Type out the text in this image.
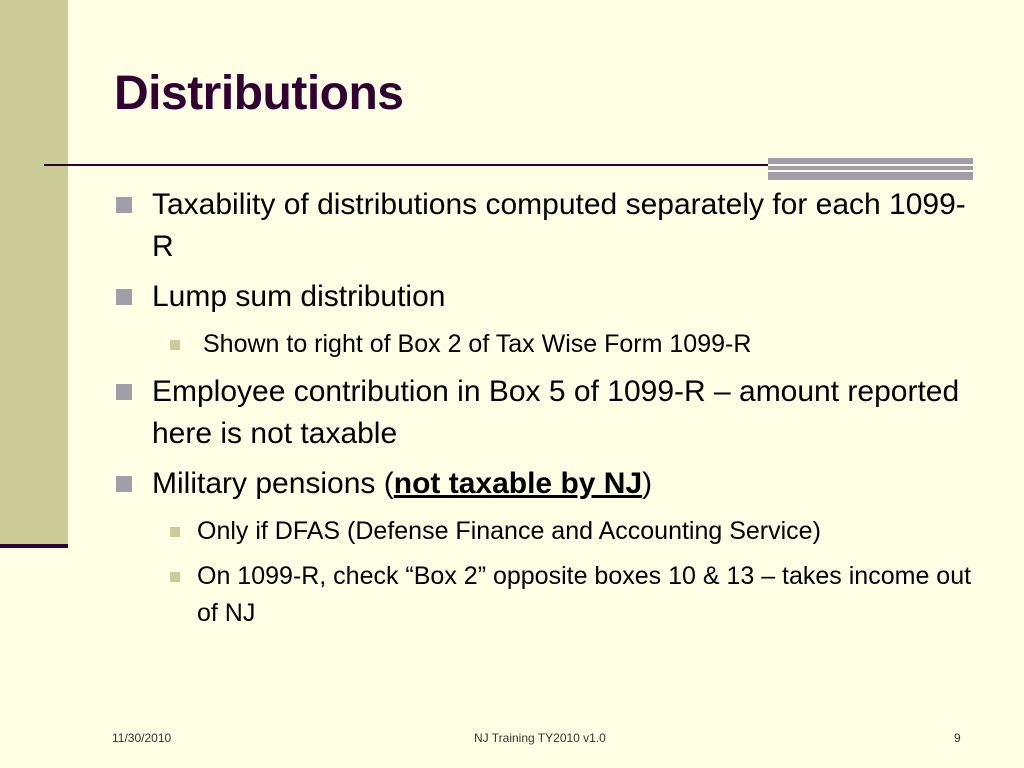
Distributions
Taxability of distributions computed separately for each 1099-R
Lump sum distribution
Shown to right of Box 2 of Tax Wise Form 1099-R
Employee contribution in Box 5 of 1099-R – amount reported here is not taxable
Military pensions (not taxable by NJ)
Only if DFAS (Defense Finance and Accounting Service)
On 1099-R, check “Box 2” opposite boxes 10 & 13 – takes income out of NJ
11/30/2010	NJ Training TY2010 v1.0	9
